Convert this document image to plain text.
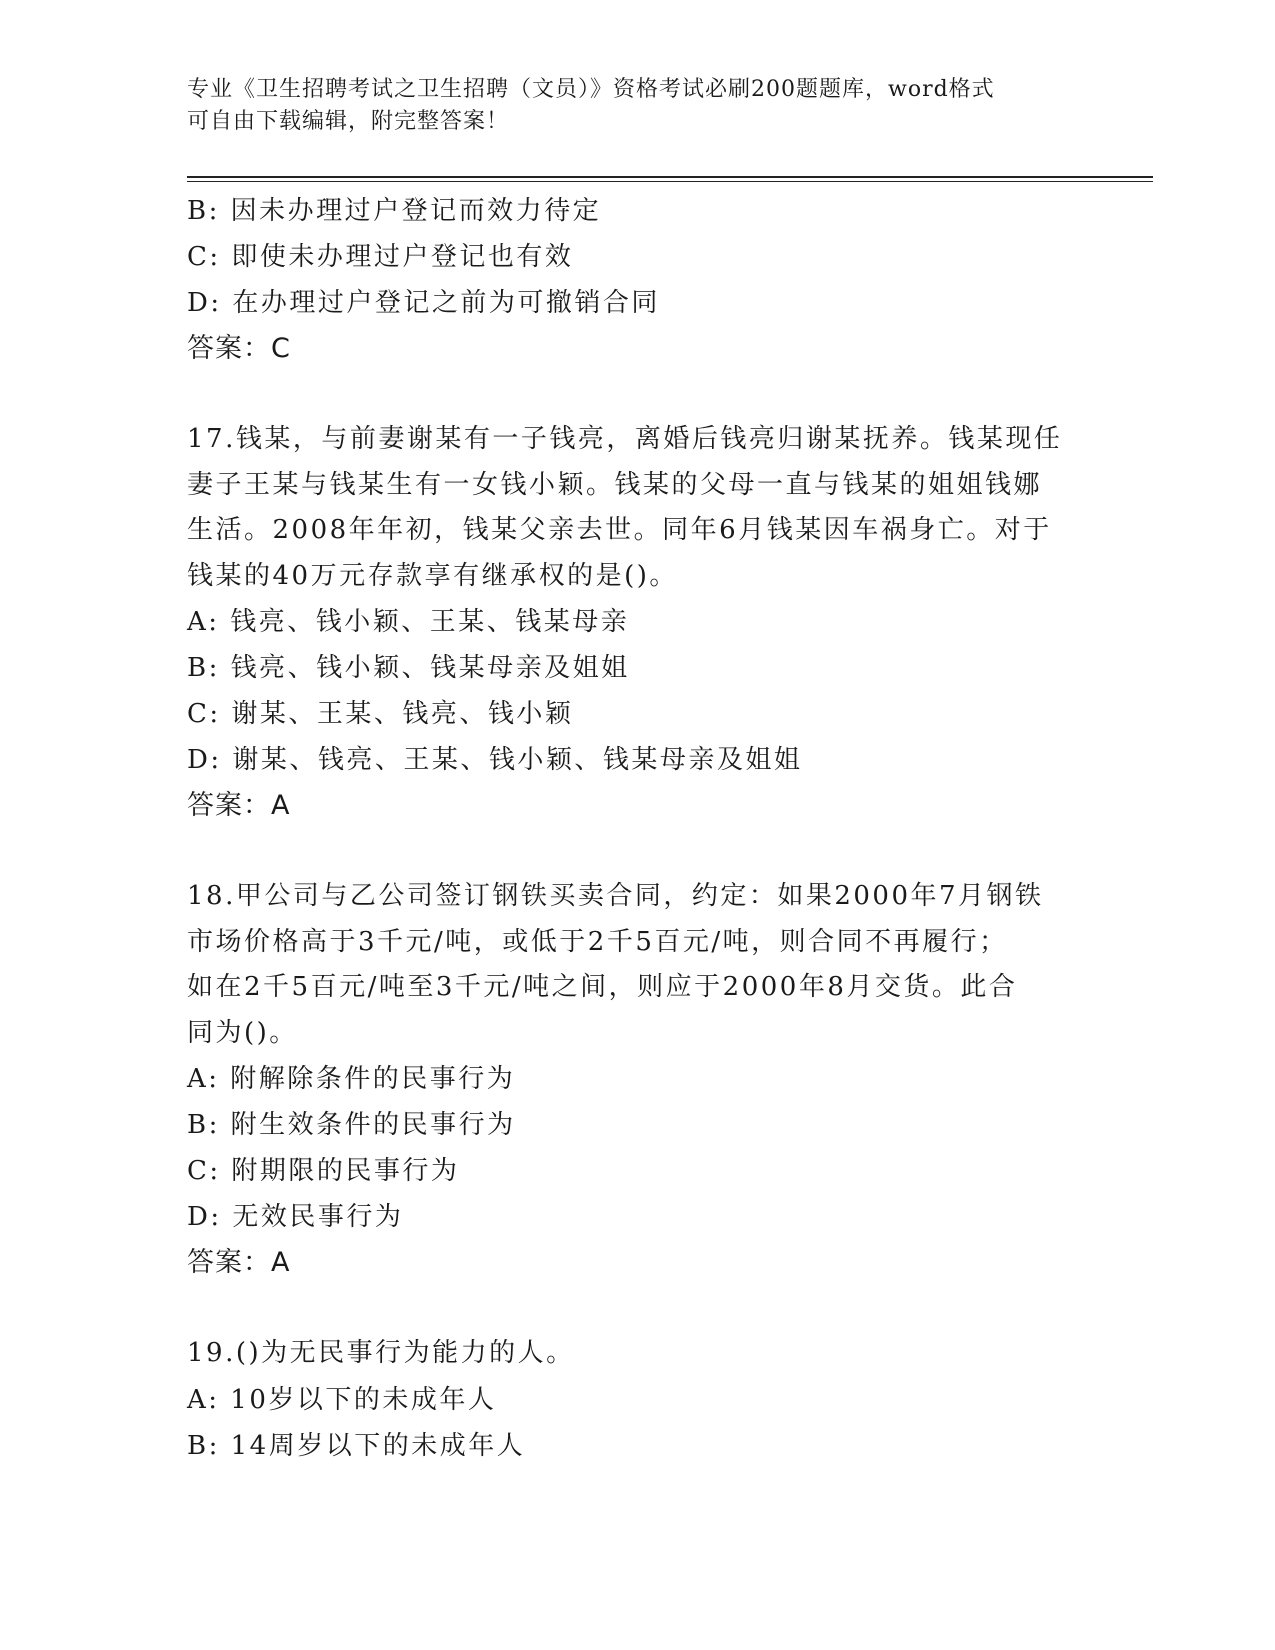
专业《卫生招聘考试之卫生招聘（文员）》资格考试必刷200题题库，word格式
可自由下载编辑，附完整答案！
B: 因未办理过户登记而效力待定
C: 即使未办理过户登记也有效
D: 在办理过户登记之前为可撤销合同
答案：C
17.钱某，与前妻谢某有一子钱亮，离婚后钱亮归谢某抚养。钱某现任
妻子王某与钱某生有一女钱小颖。钱某的父母一直与钱某的姐姐钱娜
生活。2008年年初，钱某父亲去世。同年6月钱某因车祸身亡。对于
钱某的40万元存款享有继承权的是()。
A: 钱亮、钱小颖、王某、钱某母亲
B: 钱亮、钱小颖、钱某母亲及姐姐
C: 谢某、王某、钱亮、钱小颖
D: 谢某、钱亮、王某、钱小颖、钱某母亲及姐姐
答案：A
18.甲公司与乙公司签订钢铁买卖合同，约定：如果2000年7月钢铁
市场价格高于3千元/吨，或低于2千5百元/吨，则合同不再履行；
如在2千5百元/吨至3千元/吨之间，则应于2000年8月交货。此合
同为()。
A: 附解除条件的民事行为
B: 附生效条件的民事行为
C: 附期限的民事行为
D: 无效民事行为
答案：A
19.()为无民事行为能力的人。
A: 10岁以下的未成年人
B: 14周岁以下的未成年人
